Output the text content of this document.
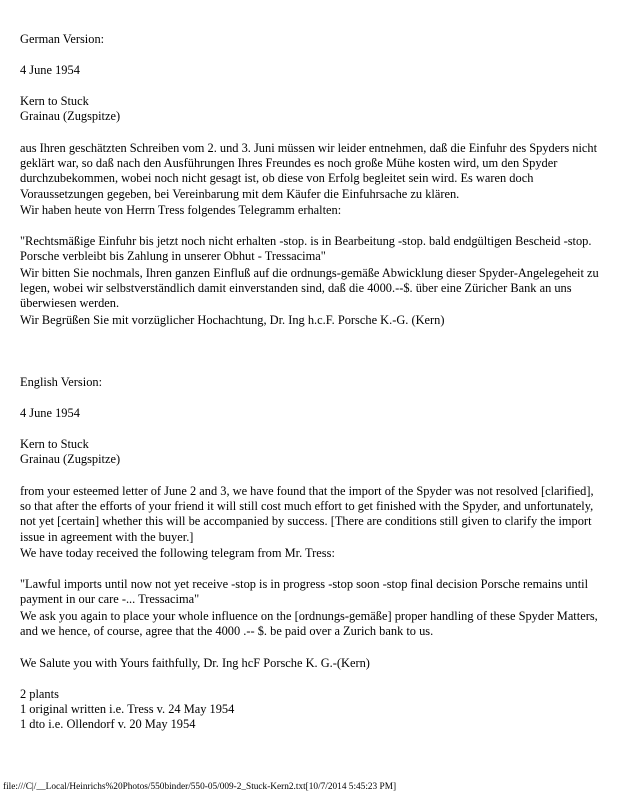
German Version:

4 June 1954

Kern to Stuck

Grainau (Zugspitze)

aus Ihren geschätzten Schreiben vom 2. und 3. Juni müssen wir leider entnehmen, daß die Einfuhr des Spyders nicht geklärt war, so daß nach den Ausführungen Ihres Freundes es noch große Mühe kosten wird, um den Spyder durchzubekommen, wobei noch nicht gesagt ist, ob diese von Erfolg begleitet sein wird. Es waren doch Voraussetzungen gegeben, bei Vereinbarung mit dem Käufer die Einfuhrsache zu klären.

Wir haben heute von Herrn Tress folgendes Telegramm erhalten:

"Rechtsmäßige Einfuhr bis jetzt noch nicht erhalten -stop. is in Bearbeitung -stop. bald endgültigen Bescheid -stop. Porsche verbleibt bis Zahlung in unserer Obhut - Tressacima"

Wir bitten Sie nochmals, Ihren ganzen Einfluß auf die ordnungs-gemäße Abwicklung dieser Spyder-Angelegeheit zu legen, wobei wir selbstverständlich damit einverstanden sind, daß die 4000.--$. über eine Züricher Bank an uns überwiesen werden.

Wir Begrüßen Sie mit vorzüglicher Hochachtung, Dr. Ing h.c.F. Porsche K.-G. (Kern)

English Version:

4 June 1954

Kern to Stuck

Grainau (Zugspitze)

from your esteemed letter of June 2 and 3, we have found that the import of the Spyder was not resolved [clarified], so that after the efforts of your friend it will still cost much effort to get finished with the Spyder, and unfortunately, not yet [certain] whether this will be accompanied by success. [There are conditions still given to clarify the import issue in agreement with the buyer.]

We have today received the following telegram from Mr. Tress:

"Lawful imports until now not yet receive -stop is in progress -stop soon -stop final decision Porsche remains until payment in our care -... Tressacima"

We ask you again to place your whole influence on the [ordnungs-gemäße] proper handling of these Spyder Matters, and we hence, of course, agree that the 4000 .-- $. be paid over a Zurich bank to us.

We Salute you with Yours faithfully, Dr. Ing hcF Porsche K. G.-(Kern)

2 plants

1 original written i.e. Tress v. 24 May 1954

1 dto i.e. Ollendorf v. 20 May 1954

file:///C|/__Local/Heinrichs%20Photos/550binder/550-05/009-2_Stuck-Kern2.txt[10/7/2014 5:45:23 PM]
